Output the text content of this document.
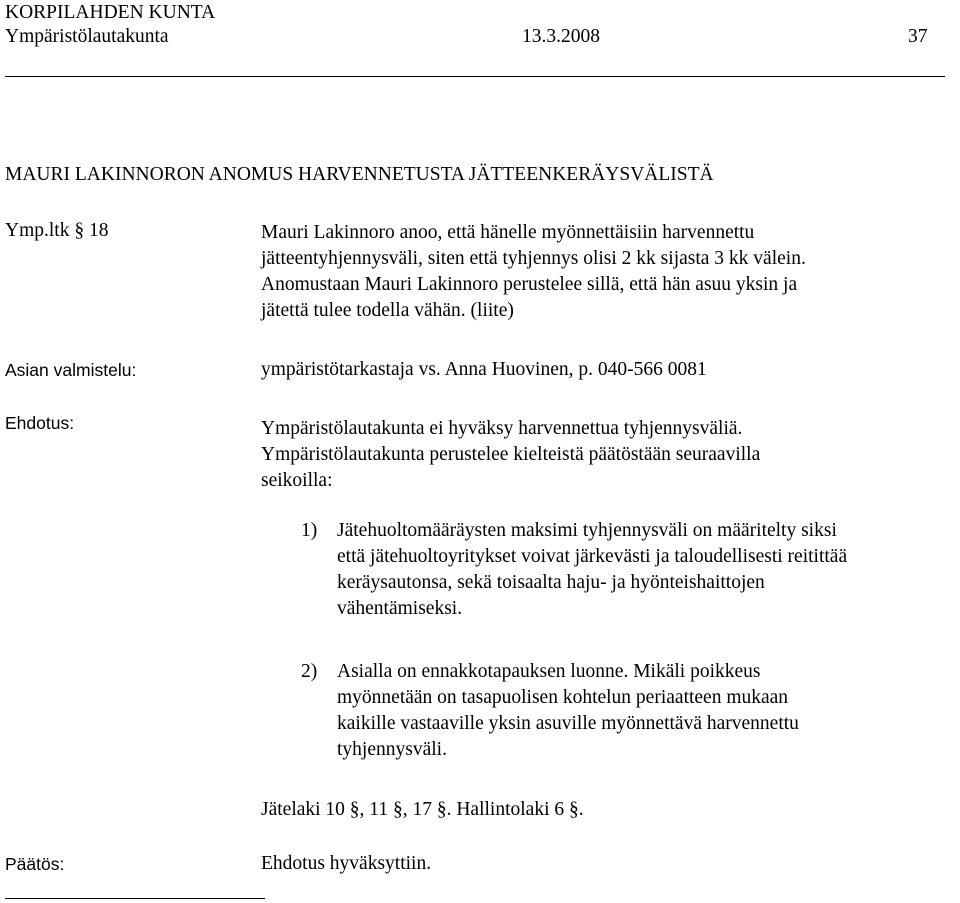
KORPILAHDEN KUNTA
Ympäristölautakunta	13.3.2008	37
MAURI LAKINNORON ANOMUS HARVENNETUSTA JÄTTEENKERÄYSVÄLISTÄ
Ymp.ltk § 18	Mauri Lakinnoro anoo, että hänelle myönnettäisiin harvennettu
jätteentyhjennysväli, siten että tyhjennys olisi 2 kk sijasta 3 kk välein.
Anomustaan Mauri Lakinnoro perustelee sillä, että hän asuu yksin ja
jätettä tulee todella vähän. (liite)
Asian valmistelu:	ympäristötarkastaja vs. Anna Huovinen, p. 040-566 0081
Ehdotus:	Ympäristölautakunta ei hyväksy harvennettua tyhjennysväliä.
Ympäristölautakunta perustelee kielteistä päätöstään seuraavilla
seikoilla:
1) Jätehuoltomääräysten maksimi tyhjennysväli on määritelty siksi
että jätehuoltoyritykset voivat järkevästi ja taloudellisesti reitittää
keräysautonsa, sekä toisaalta haju- ja hyönteishaittojen
vähentämiseksi.
2) Asialla on ennakkotapauksen luonne. Mikäli poikkeus
myönnetään on tasapuolisen kohtelun periaatteen mukaan
kaikille vastaaville yksin asuville myönnettävä harvennettu
tyhjennysväli.
Jätelaki 10 §, 11 §, 17 §. Hallintolaki 6 §.
Päätös:	Ehdotus hyväksyttiin.
